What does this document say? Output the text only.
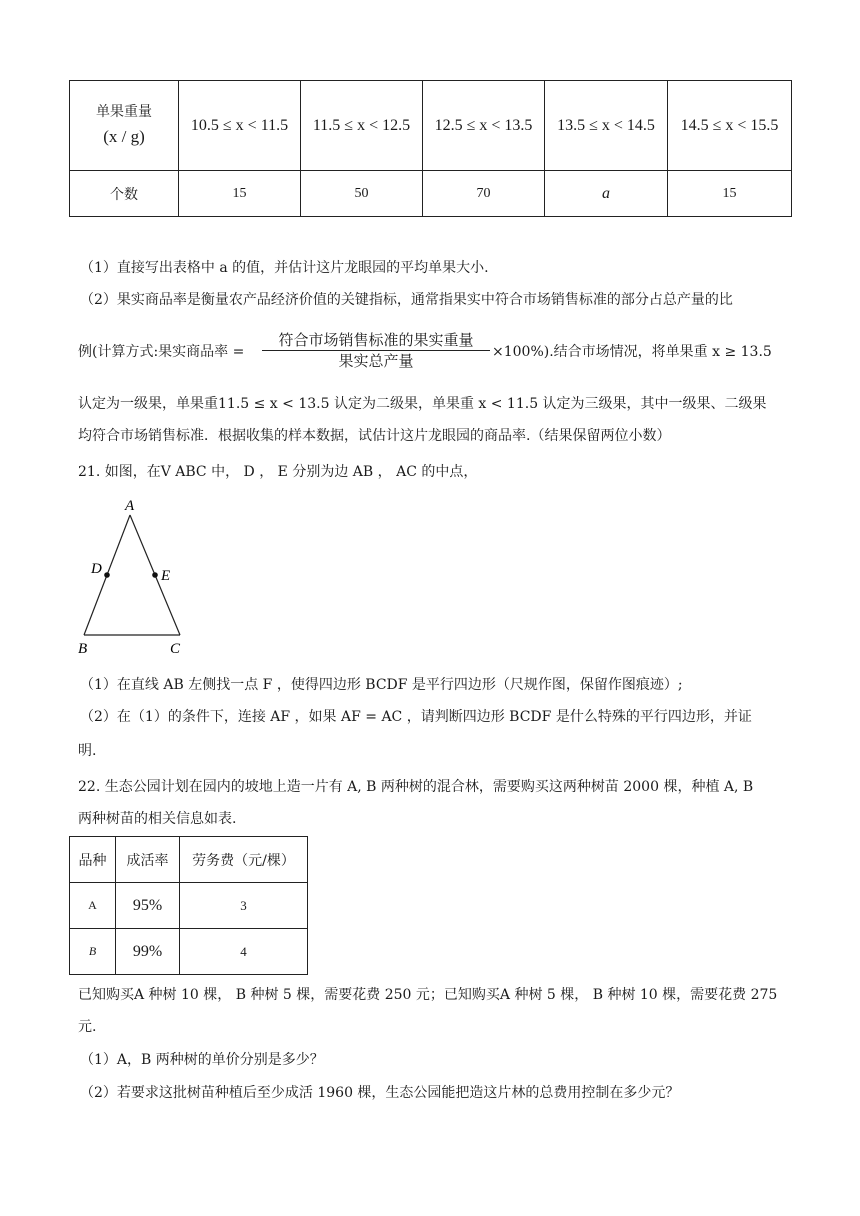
单果重量
(x / g)	10.5 ≤ x < 11.5	11.5 ≤ x < 12.5	12.5 ≤ x < 13.5	13.5 ≤ x < 14.5	14.5 ≤ x < 15.5
个数	15	50	70	a	15
（1）直接写出表格中 a 的值，并估计这片龙眼园的平均单果大小.
（2）果实商品率是衡量农产品经济价值的关键指标，通常指果实中符合市场销售标准的部分占总产量的比
例(计算方式:果实商品率 =
符合市场销售标准的果实重量
果实总产量	×100%).结合市场情况，将单果重 x ≥ 13.5
认定为一级果，单果重11.5 ≤ x < 13.5 认定为二级果，单果重 x < 11.5 认定为三级果，其中一级果、二级果
均符合市场销售标准．根据收集的样本数据，试估计这片龙眼园的商品率.（结果保留两位小数）
21. 如图，在V ABC 中， D ， E 分别为边 AB ， AC 的中点，
A
D	E
B	C
（1）在直线 AB 左侧找一点 F ，使得四边形 BCDF 是平行四边形（尺规作图，保留作图痕迹）;
（2）在（1）的条件下，连接 AF ，如果 AF = AC ，请判断四边形 BCDF 是什么特殊的平行四边形，并证
明.
22. 生态公园计划在园内的坡地上造一片有 A, B 两种树的混合林，需要购买这两种树苗 2000 棵，种植 A, B
两种树苗的相关信息如表.
品种	成活率	劳务费（元/棵）
A	95%	3
B	99%	4
已知购买A 种树 10 棵， B 种树 5 棵，需要花费 250 元；已知购买A 种树 5 棵， B 种树 10 棵，需要花费 275
元.
（1）A，B 两种树的单价分别是多少？
（2）若要求这批树苗种植后至少成活 1960 棵，生态公园能把造这片林的总费用控制在多少元？
